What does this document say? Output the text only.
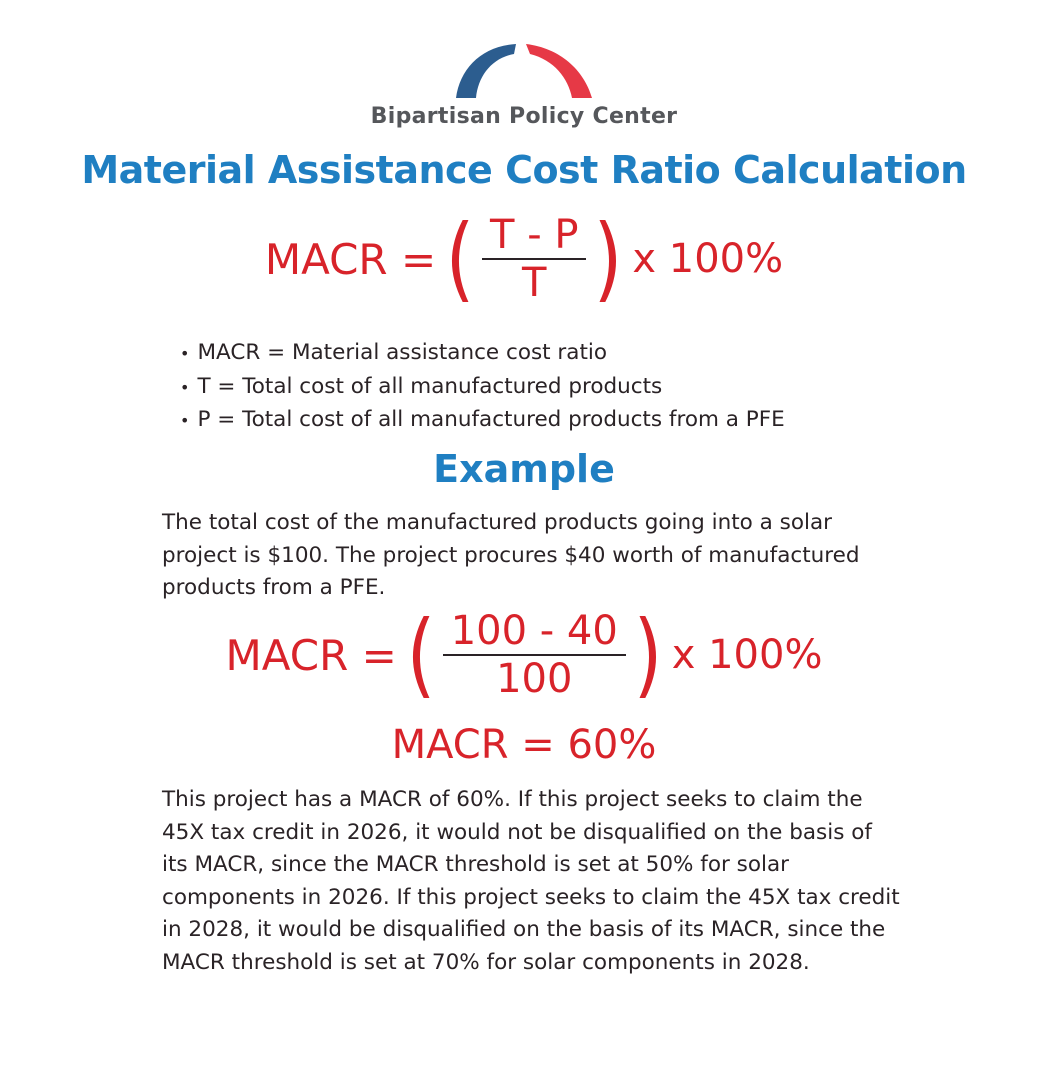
Bipartisan Policy Center
Material Assistance Cost Ratio Calculation
MACR = ( $\frac{T - P}{T}$ ) x 100%
• MACR = Material assistance cost ratio
• T = Total cost of all manufactured products
• P = Total cost of all manufactured products from a PFE
Example

The total cost of the manufactured products going into a solar project is $100. The project procures $40 worth of manufactured products from a PFE.

MACR = ( $\frac{100 - 40}{100}$ ) x 100%
MACR = 60%

This project has a MACR of 60%. If this project seeks to claim the 45X tax credit in 2026, it would not be disqualified on the basis of its MACR, since the MACR threshold is set at 50% for solar components in 2026. If this project seeks to claim the 45X tax credit in 2028, it would be disqualified on the basis of its MACR, since the MACR threshold is set at 70% for solar components in 2028.
